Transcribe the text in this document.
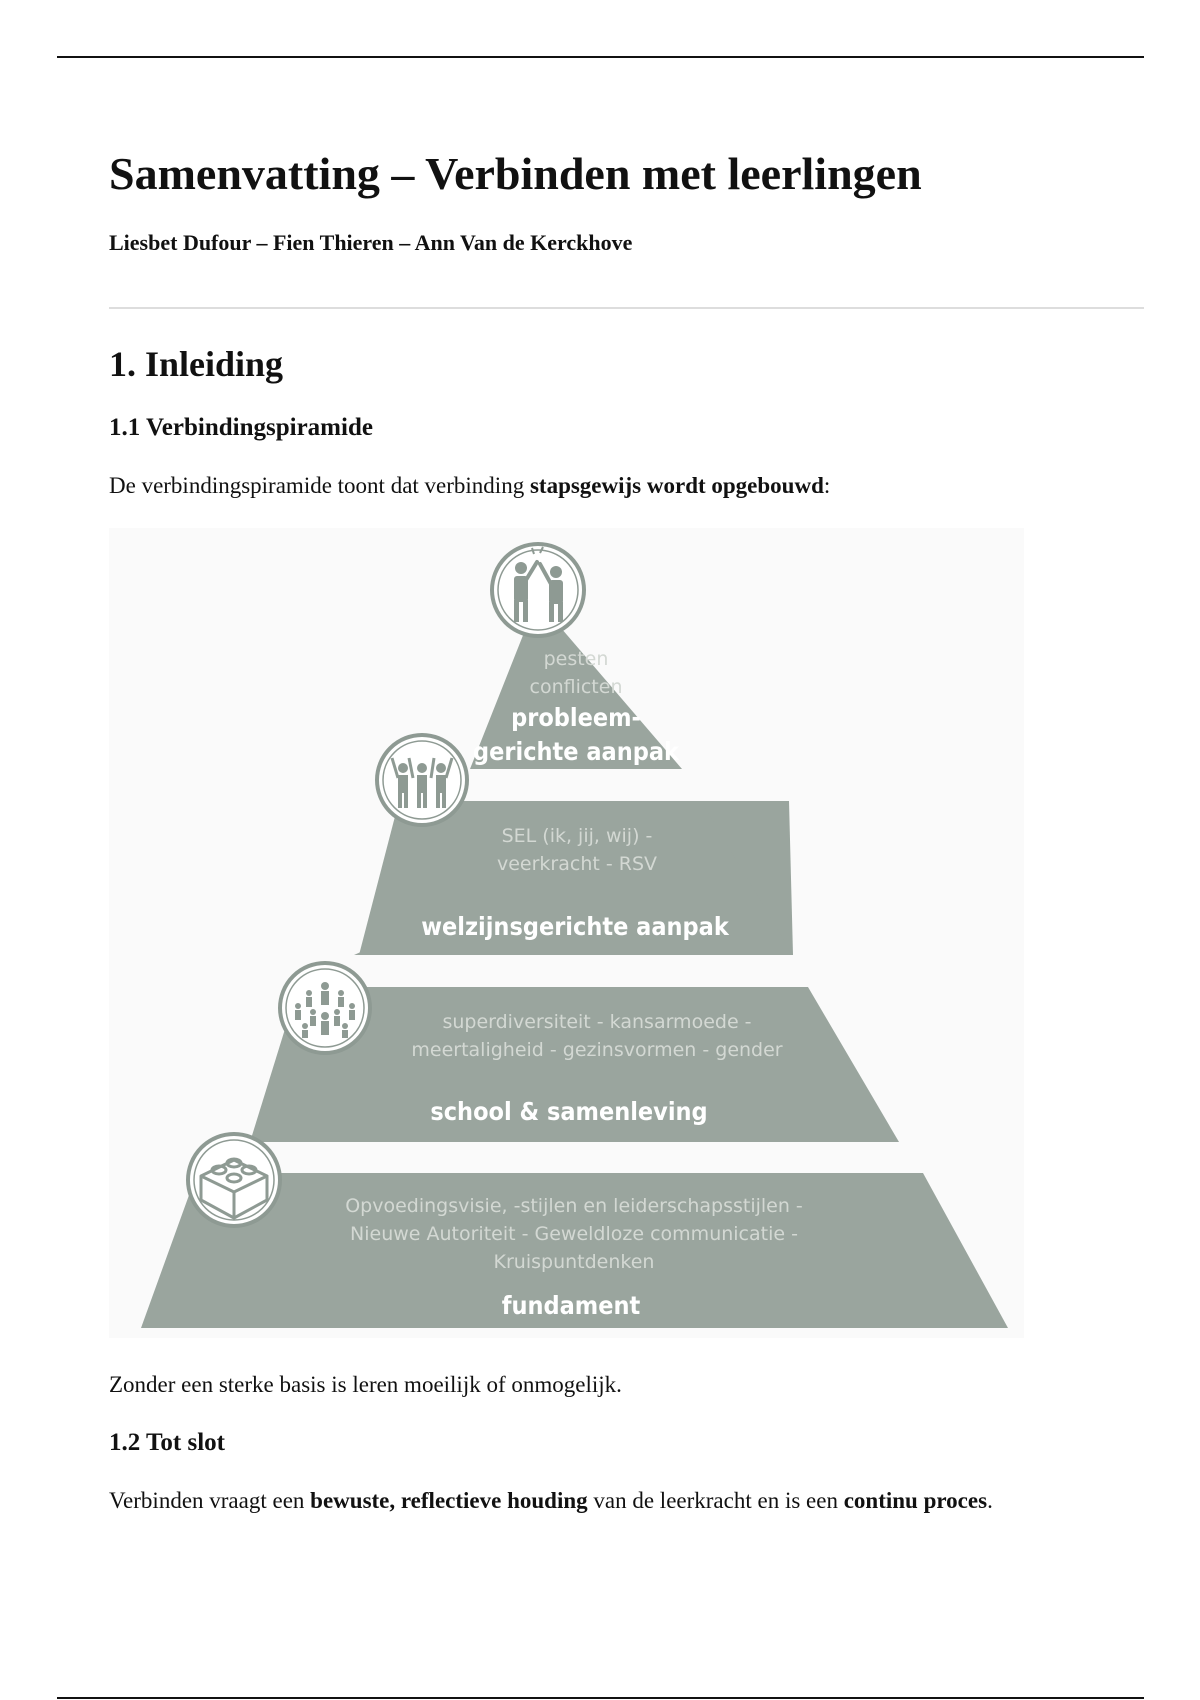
Samenvatting – Verbinden met leerlingen

Liesbet Dufour – Fien Thieren – Ann Van de Kerckhove

1. Inleiding
1.1 Verbindingspiramide

De verbindingspiramide toont dat verbinding stapsgewijs wordt opgebouwd:

pesten
conflicten
probleem-
gerichte aanpak
SEL (ik, jij, wij) -
veerkracht - RSV
welzijnsgerichte aanpak
superdiversiteit - kansarmoede -
meertaligheid - gezinsvormen - gender
school & samenleving
Opvoedingsvisie, -stijlen en leiderschapsstijlen -
Nieuwe Autoriteit - Geweldloze communicatie -
Kruispuntdenken
fundament

Zonder een sterke basis is leren moeilijk of onmogelijk.

1.2 Tot slot

Verbinden vraagt een bewuste, reflectieve houding van de leerkracht en is een continu proces.
